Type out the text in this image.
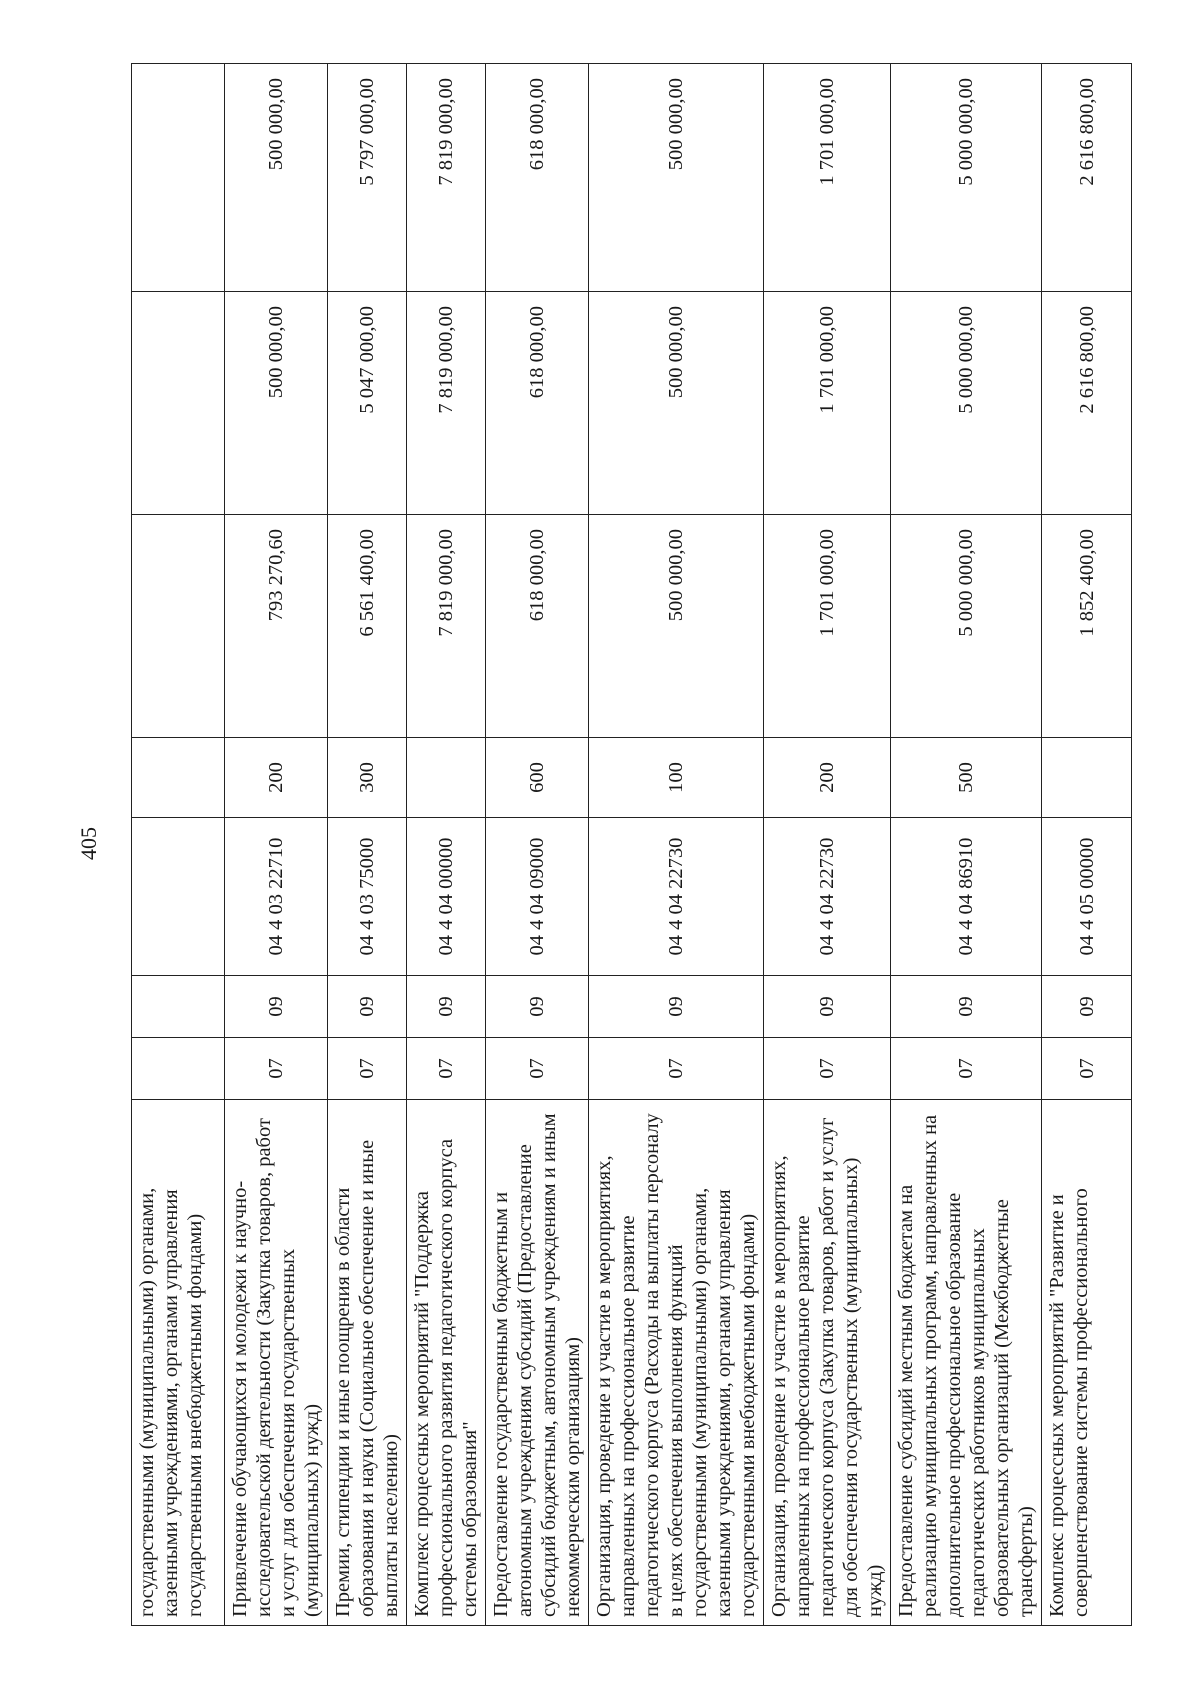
405
государственными (муниципальными) органами, казенными учреждениями, органами управления государственными внебюджетными фондами)							
Привлечение обучающихся и молодежи к научно-исследовательской деятельности (Закупка товаров, работ и услуг для обеспечения государственных (муниципальных) нужд)	07	09	04 4 03 22710	200	793 270,60	500 000,00	500 000,00
Премии, стипендии и иные поощрения в области образования и науки (Социальное обеспечение и иные выплаты населению)	07	09	04 4 03 75000	300	6 561 400,00	5 047 000,00	5 797 000,00
Комплекс процессных мероприятий "Поддержка профессионального развития педагогического корпуса системы образования"	07	09	04 4 04 00000		7 819 000,00	7 819 000,00	7 819 000,00
Предоставление государственным бюджетным и автономным учреждениям субсидий (Предоставление субсидий бюджетным, автономным учреждениям и иным некоммерческим организациям)	07	09	04 4 04 09000	600	618 000,00	618 000,00	618 000,00
Организация, проведение и участие в мероприятиях, направленных на профессиональное развитие педагогического корпуса (Расходы на выплаты персоналу в целях обеспечения выполнения функций государственными (муниципальными) органами, казенными учреждениями, органами управления государственными внебюджетными фондами)	07	09	04 4 04 22730	100	500 000,00	500 000,00	500 000,00
Организация, проведение и участие в мероприятиях, направленных на профессиональное развитие педагогического корпуса (Закупка товаров, работ и услуг для обеспечения государственных (муниципальных) нужд)	07	09	04 4 04 22730	200	1 701 000,00	1 701 000,00	1 701 000,00
Предоставление субсидий местным бюджетам на реализацию муниципальных программ, направленных на дополнительное профессиональное образование педагогических работников муниципальных образовательных организаций (Межбюджетные трансферты)	07	09	04 4 04 86910	500	5 000 000,00	5 000 000,00	5 000 000,00
Комплекс процессных мероприятий "Развитие и совершенствование системы профессионального	07	09	04 4 05 00000		1 852 400,00	2 616 800,00	2 616 800,00
